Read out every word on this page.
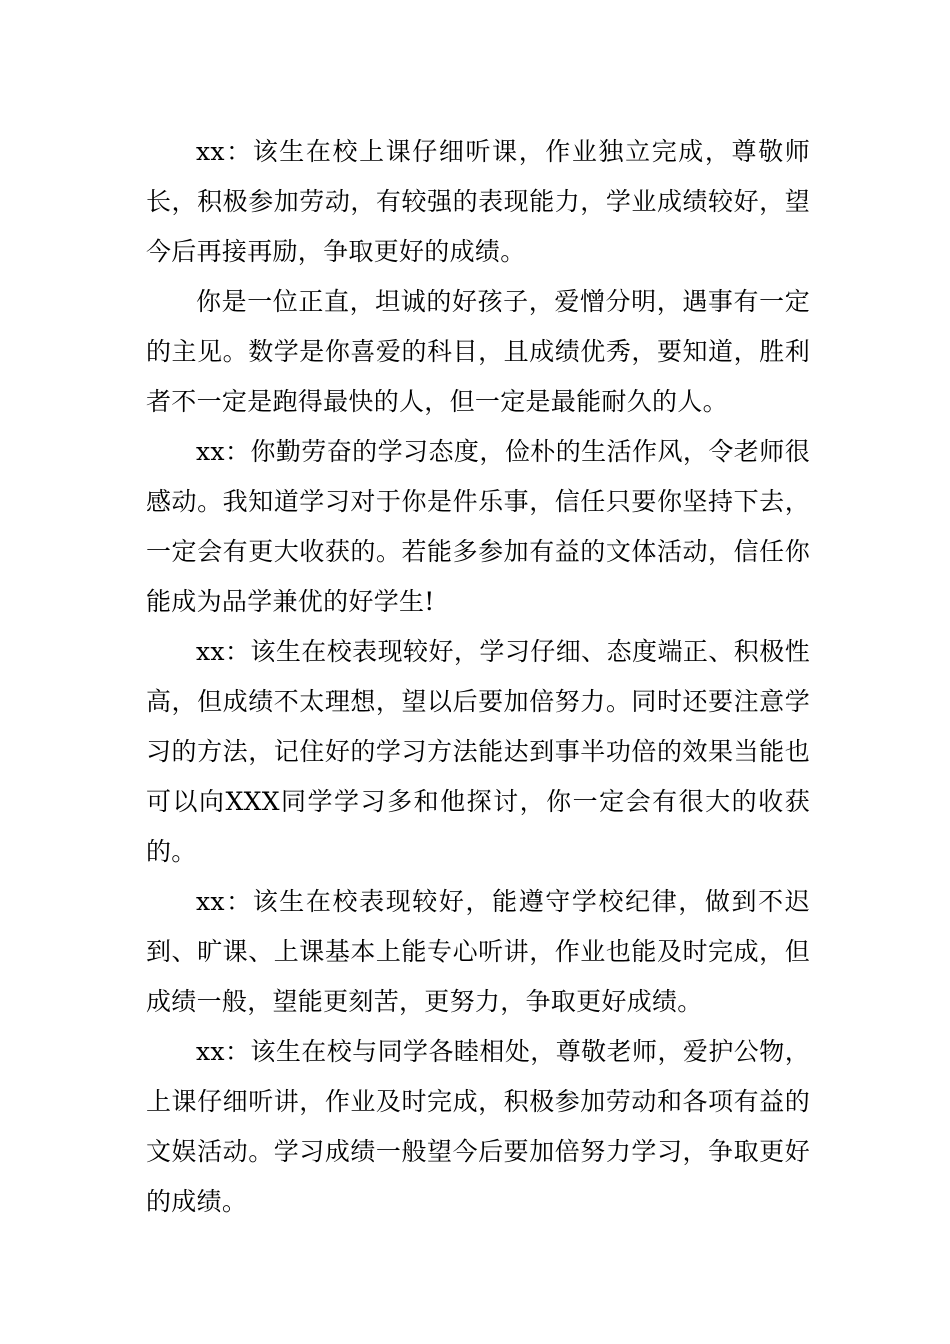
xx：该生在校上课仔细听课，作业独立完成，尊敬师长，积极参加劳动，有较强的表现能力，学业成绩较好，望今后再接再励，争取更好的成绩。

你是一位正直，坦诚的好孩子，爱憎分明，遇事有一定的主见。数学是你喜爱的科目，且成绩优秀，要知道，胜利者不一定是跑得最快的人，但一定是最能耐久的人。

xx：你勤劳奋的学习态度，俭朴的生活作风，令老师很感动。我知道学习对于你是件乐事，信任只要你坚持下去，一定会有更大收获的。若能多参加有益的文体活动，信任你能成为品学兼优的好学生!

xx：该生在校表现较好，学习仔细、态度端正、积极性高，但成绩不太理想，望以后要加倍努力。同时还要注意学习的方法，记住好的学习方法能达到事半功倍的效果当能也可以向XXX同学学习多和他探讨，你一定会有很大的收获的。

xx：该生在校表现较好，能遵守学校纪律，做到不迟到、旷课、上课基本上能专心听讲，作业也能及时完成，但成绩一般，望能更刻苦，更努力，争取更好成绩。

xx：该生在校与同学各睦相处，尊敬老师，爱护公物，上课仔细听讲，作业及时完成，积极参加劳动和各项有益的文娱活动。学习成绩一般望今后要加倍努力学习，争取更好的成绩。
